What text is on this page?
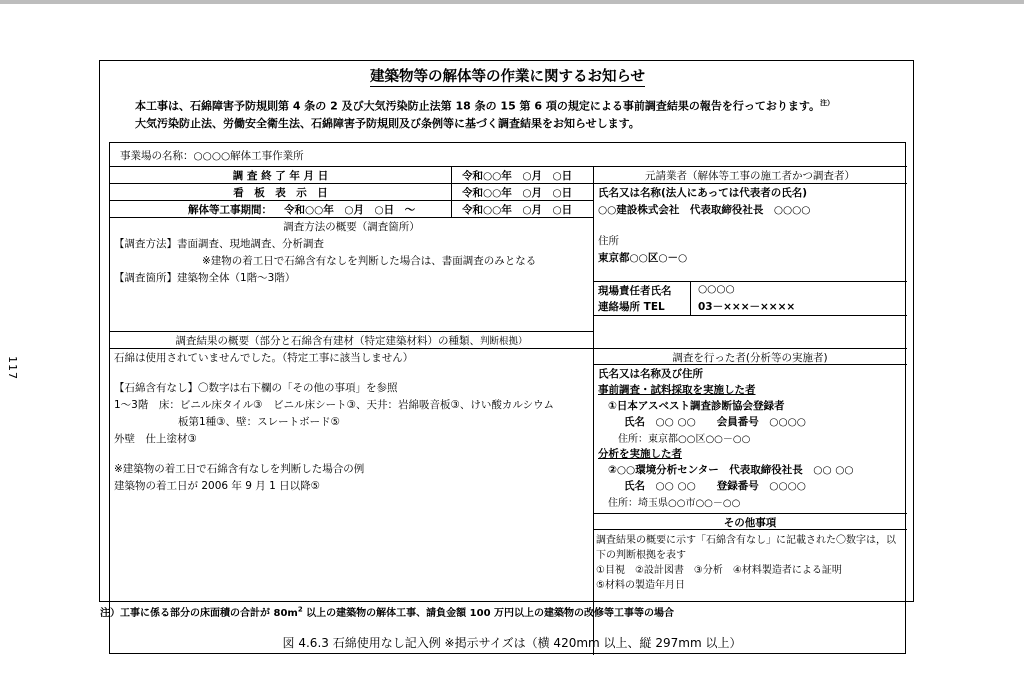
117
建築物等の解体等の作業に関するお知らせ
本工事は、石綿障害予防規則第 4 条の 2 及び大気汚染防止法第 18 条の 15 第 6 項の規定による事前調査結果の報告を行っております。$^{注)}$
大気汚染防止法、労働安全衛生法、石綿障害予防規則及び条例等に基づく調査結果をお知らせします。
事業場の名称：○○○○解体工事作業所
調 査 終 了 年 月 日	令和○○年　○月　○日
看　板　表　示　日	令和○○年　○月　○日
解体等工事期間： 令和○○年　○月　○日　～	令和○○年　○月　○日
調査方法の概要（調査箇所）
【調査方法】書面調査、現地調査、分析調査
※建物の着工日で石綿含有なしを判断した場合は、書面調査のみとなる
【調査箇所】建築物全体（1階～3階）
調査結果の概要（部分と石綿含有建材（特定建築材料）の種類、判断根拠）
石綿は使用されていませんでした。（特定工事に該当しません）
【石綿含有なし】〇数字は右下欄の「その他の事項」を参照
1～3階　床：ビニル床タイル③　ビニル床シート③、天井：岩綿吸音板③、けい酸カルシウム
板第1種③、壁：スレートボード⑤
外壁　仕上塗材③
※建築物の着工日で石綿含有なしを判断した場合の例
建築物の着工日が 2006 年 9 月 1 日以降⑤
元請業者（解体等工事の施工者かつ調査者）
氏名又は名称(法人にあっては代表者の氏名)
○○建設株式会社　代表取締役社長　○○○○
住所
東京都○○区○－○
現場責任者氏名	○○○○
連絡場所 TEL	03－×××－××××
調査を行った者(分析等の実施者)
氏名又は名称及び住所
事前調査・試料採取を実施した者
①日本アスベスト調査診断協会登録者
氏名　○○ ○○　　会員番号　○○○○
住所：東京都○○区○○－○○
分析を実施した者
②○○環境分析センター　代表取締役社長　○○ ○○
氏名　○○ ○○　　登録番号　○○○○
住所：埼玉県○○市○○－○○
その他事項
調査結果の概要に示す「石綿含有なし」に記載された〇数字は，以
下の判断根拠を表す
①目視　②設計図書　③分析　④材料製造者による証明
⑤材料の製造年月日
注）工事に係る部分の床面積の合計が $80m^2$ 以上の建築物の解体工事、請負金額 100 万円以上の建築物の改修等工事等の場合
図 4.6.3 石綿使用なし記入例 ※掲示サイズは（横 420mm 以上、縦 297mm 以上）
